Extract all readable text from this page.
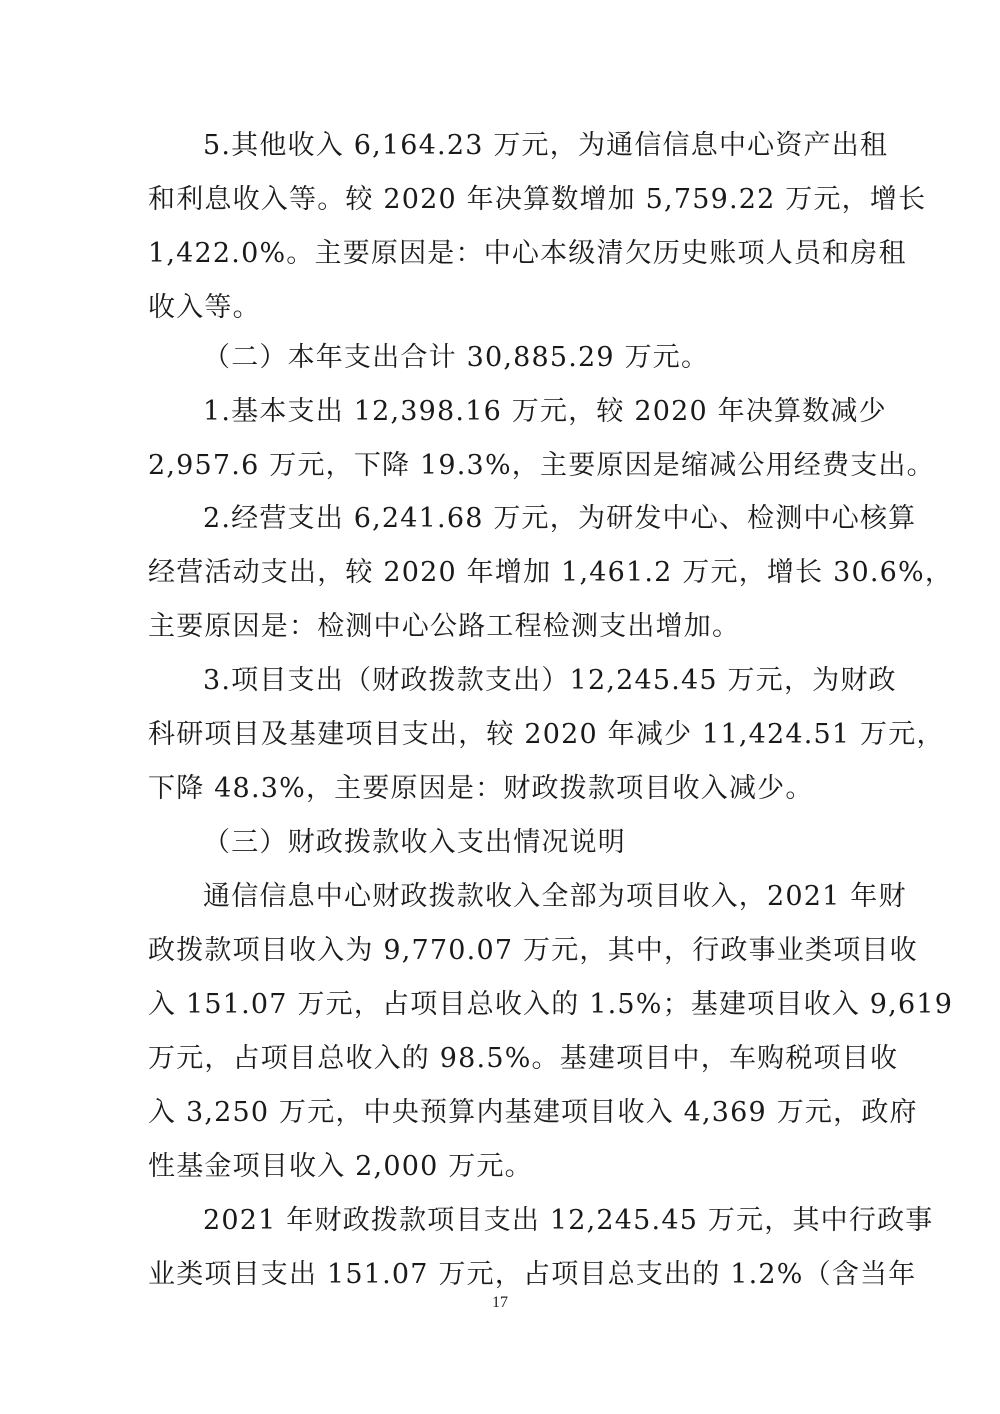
5.其他收入 6,164.23 万元，为通信信息中心资产出租
和利息收入等。较 2020 年决算数增加 5,759.22 万元，增长
1,422.0%。主要原因是：中心本级清欠历史账项人员和房租
收入等。
（二）本年支出合计 30,885.29 万元。
1.基本支出 12,398.16 万元，较 2020 年决算数减少
2,957.6 万元，下降 19.3%，主要原因是缩减公用经费支出。
2.经营支出 6,241.68 万元，为研发中心、检测中心核算
经营活动支出，较 2020 年增加 1,461.2 万元，增长 30.6%，
主要原因是：检测中心公路工程检测支出增加。
3.项目支出（财政拨款支出）12,245.45 万元，为财政
科研项目及基建项目支出，较 2020 年减少 11,424.51 万元，
下降 48.3%，主要原因是：财政拨款项目收入减少。
（三）财政拨款收入支出情况说明
通信信息中心财政拨款收入全部为项目收入，2021 年财
政拨款项目收入为 9,770.07 万元，其中，行政事业类项目收
入 151.07 万元，占项目总收入的 1.5%；基建项目收入 9,619
万元，占项目总收入的 98.5%。基建项目中，车购税项目收
入 3,250 万元，中央预算内基建项目收入 4,369 万元，政府
性基金项目收入 2,000 万元。
2021 年财政拨款项目支出 12,245.45 万元，其中行政事
业类项目支出 151.07 万元，占项目总支出的 1.2%（含当年
17
